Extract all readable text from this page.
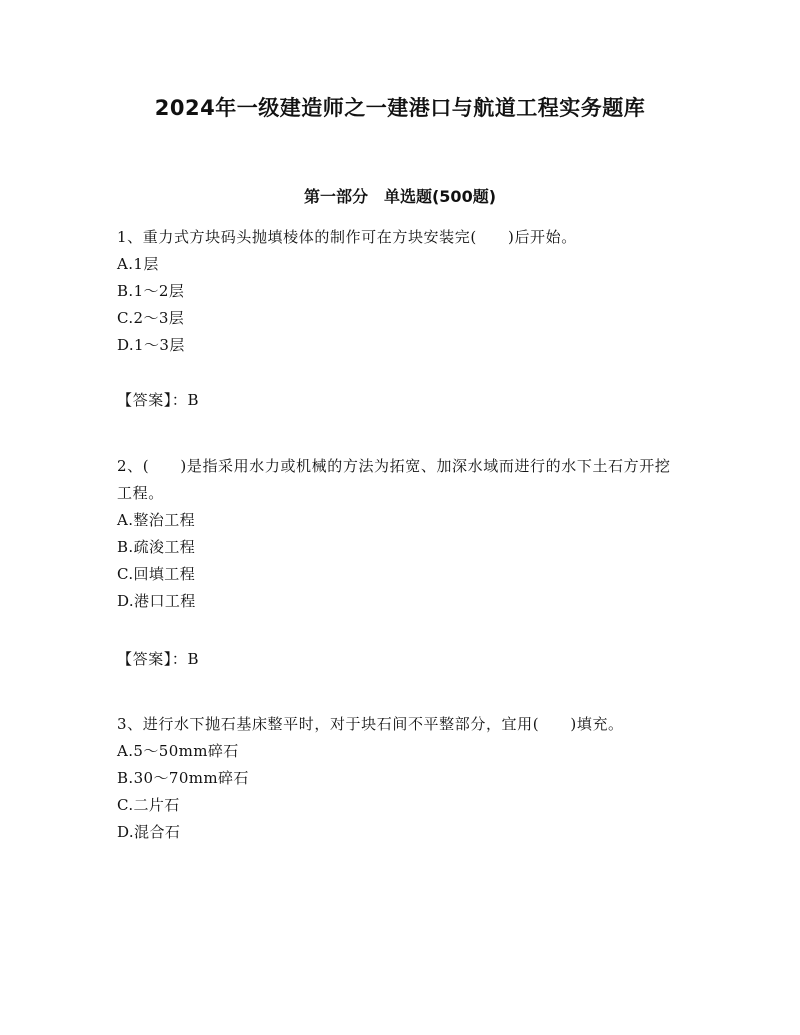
2024年一级建造师之一建港口与航道工程实务题库
第一部分　单选题(500题)

1、重力式方块码头抛填棱体的制作可在方块安装完(　　)后开始。

A.1层

B.1～2层

C.2～3层

D.1～3层

【答案】：B

2、(　　)是指采用水力或机械的方法为拓宽、加深水域而进行的水下土石方开挖工程。

A.整治工程

B.疏浚工程

C.回填工程

D.港口工程

【答案】：B

3、进行水下抛石基床整平时，对于块石间不平整部分，宜用(　　)填充。

A.5～50mm碎石

B.30～70mm碎石

C.二片石

D.混合石
